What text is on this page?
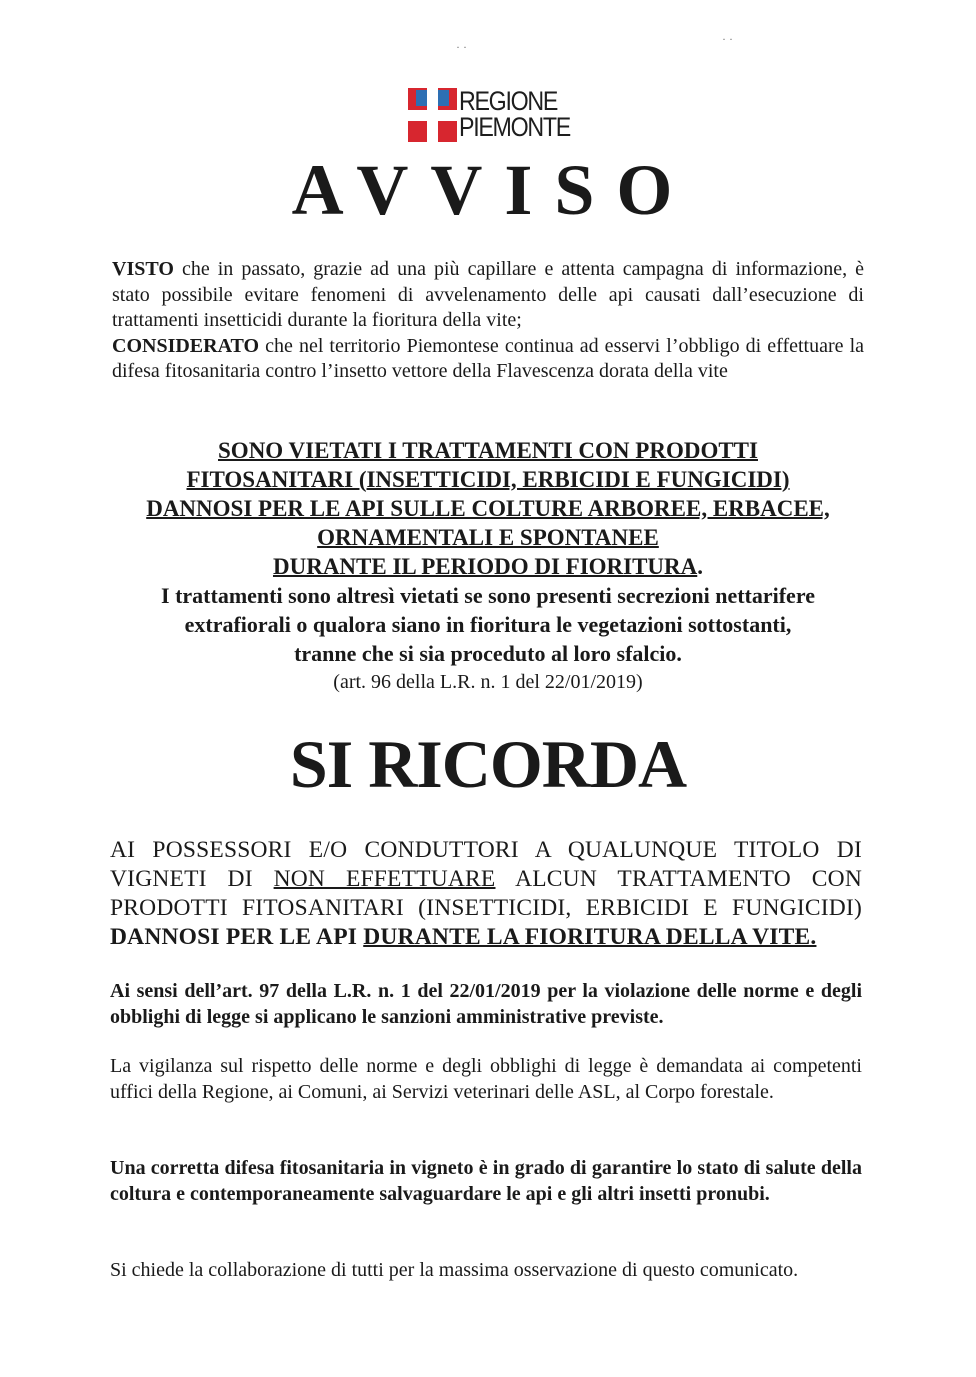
· ·
· ·
REGIONE
PIEMONTE
AVVISO
VISTO che in passato, grazie ad una più capillare e attenta campagna di informazione, è stato possibile evitare fenomeni di avvelenamento delle api causati dall’esecuzione di trattamenti insetticidi durante la fioritura della vite;
CONSIDERATO che nel territorio Piemontese continua ad esservi l’obbligo di effettuare la difesa fitosanitaria contro l’insetto vettore della Flavescenza dorata della vite
SONO VIETATI I TRATTAMENTI CON PRODOTTI
FITOSANITARI (INSETTICIDI, ERBICIDI E FUNGICIDI)
DANNOSI PER LE API SULLE COLTURE ARBOREE, ERBACEE,
ORNAMENTALI E SPONTANEE
DURANTE IL PERIODO DI FIORITURA.
I trattamenti sono altresì vietati se sono presenti secrezioni nettarifere
extrafiorali o qualora siano in fioritura le vegetazioni sottostanti,
tranne che si sia proceduto al loro sfalcio.
(art. 96 della L.R. n. 1 del 22/01/2019)
SI RICORDA
AI POSSESSORI E/O CONDUTTORI A QUALUNQUE TITOLO DI VIGNETI DI NON EFFETTUARE ALCUN TRATTAMENTO CON PRODOTTI FITOSANITARI (INSETTICIDI, ERBICIDI E FUNGICIDI) DANNOSI PER LE API DURANTE LA FIORITURA DELLA VITE.
Ai sensi dell’art. 97 della L.R. n. 1 del 22/01/2019 per la violazione delle norme e degli obblighi di legge si applicano le sanzioni amministrative previste.
La vigilanza sul rispetto delle norme e degli obblighi di legge è demandata ai competenti uffici della Regione, ai Comuni, ai Servizi veterinari delle ASL, al Corpo forestale.
Una corretta difesa fitosanitaria in vigneto è in grado di garantire lo stato di salute della coltura e contemporaneamente salvaguardare le api e gli altri insetti pronubi.
Si chiede la collaborazione di tutti per la massima osservazione di questo comunicato.
